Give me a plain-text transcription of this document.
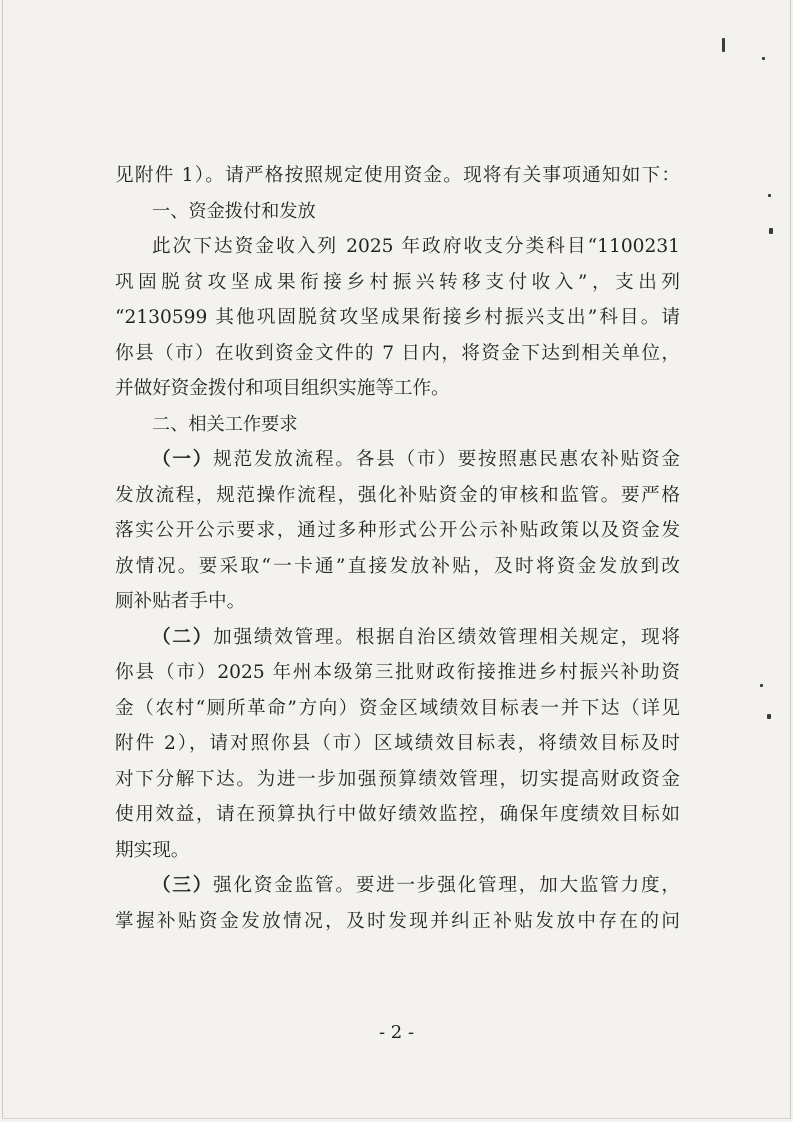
见附件 1）。请严格按照规定使用资金。现将有关事项通知如下：
一、资金拨付和发放
此次下达资金收入列 2025 年政府收支分类科目“1100231
巩固脱贫攻坚成果衔接乡村振兴转移支付收入”，支出列
“2130599 其他巩固脱贫攻坚成果衔接乡村振兴支出”科目。请
你县（市）在收到资金文件的 7 日内，将资金下达到相关单位，
并做好资金拨付和项目组织实施等工作。
二、相关工作要求
（一）规范发放流程。各县（市）要按照惠民惠农补贴资金
发放流程，规范操作流程，强化补贴资金的审核和监管。要严格
落实公开公示要求，通过多种形式公开公示补贴政策以及资金发
放情况。要采取“一卡通”直接发放补贴，及时将资金发放到改
厕补贴者手中。
（二）加强绩效管理。根据自治区绩效管理相关规定，现将
你县（市）2025 年州本级第三批财政衔接推进乡村振兴补助资
金（农村“厕所革命”方向）资金区域绩效目标表一并下达（详见
附件 2），请对照你县（市）区域绩效目标表，将绩效目标及时
对下分解下达。为进一步加强预算绩效管理，切实提高财政资金
使用效益，请在预算执行中做好绩效监控，确保年度绩效目标如
期实现。
（三）强化资金监管。要进一步强化管理，加大监管力度，
掌握补贴资金发放情况，及时发现并纠正补贴发放中存在的问
- 2 -
